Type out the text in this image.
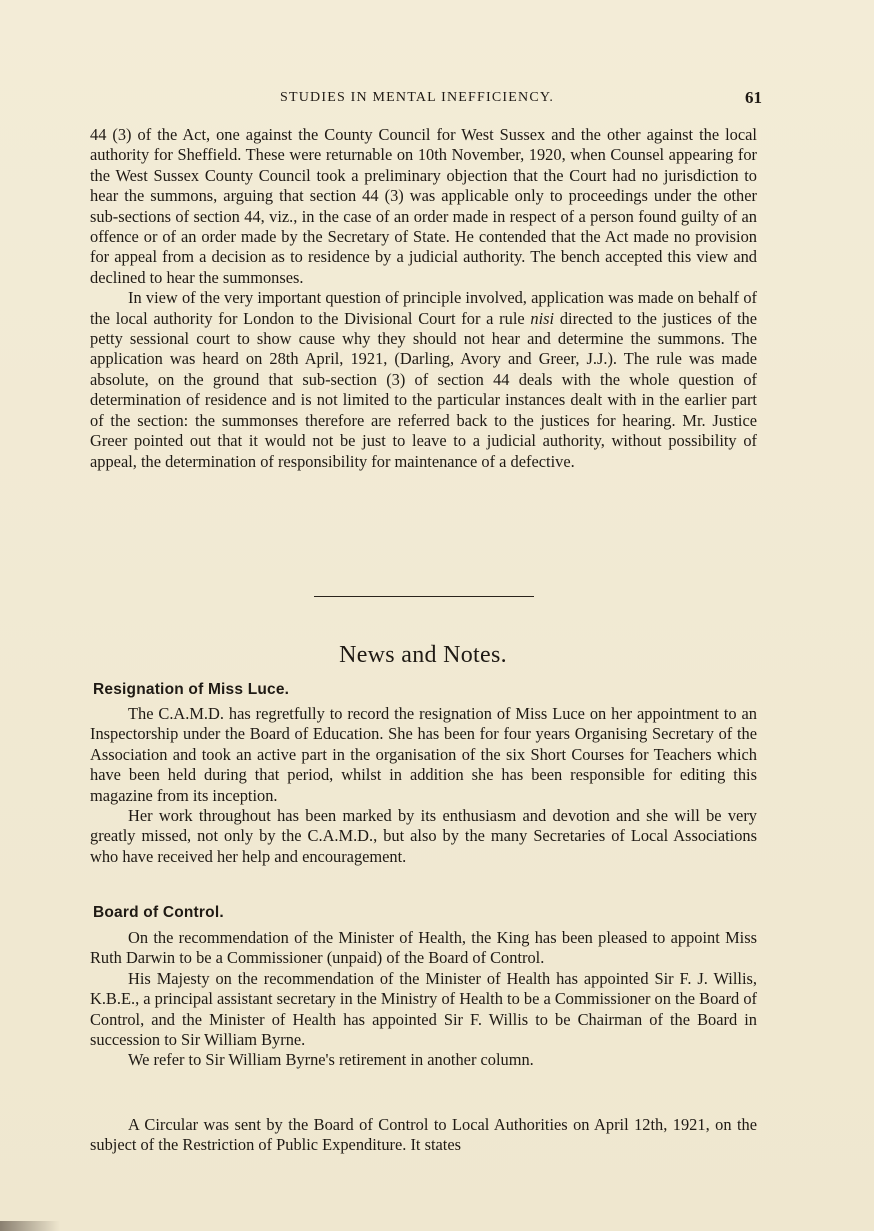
STUDIES IN MENTAL INEFFICIENCY.	61

44 (3) of the Act, one against the County Council for West Sussex and the other against the local authority for Sheffield. These were returnable on 10th November, 1920, when Counsel appearing for the West Sussex County Council took a preliminary objection that the Court had no jurisdiction to hear the summons, arguing that section 44 (3) was applicable only to proceedings under the other sub-sections of section 44, viz., in the case of an order made in respect of a person found guilty of an offence or of an order made by the Secretary of State. He contended that the Act made no provision for appeal from a decision as to residence by a judicial authority. The bench accepted this view and declined to hear the summonses.

In view of the very important question of principle involved, application was made on behalf of the local authority for London to the Divisional Court for a rule nisi directed to the justices of the petty sessional court to show cause why they should not hear and determine the summons. The application was heard on 28th April, 1921, (Darling, Avory and Greer, J.J.). The rule was made absolute, on the ground that sub-section (3) of section 44 deals with the whole question of determination of residence and is not limited to the particular instances dealt with in the earlier part of the section: the summonses therefore are referred back to the justices for hearing. Mr. Justice Greer pointed out that it would not be just to leave to a judicial authority, without possibility of appeal, the determination of responsibility for maintenance of a defective.

News and Notes.
Resignation of Miss Luce.

The C.A.M.D. has regretfully to record the resignation of Miss Luce on her appointment to an Inspectorship under the Board of Education. She has been for four years Organising Secretary of the Association and took an active part in the organisation of the six Short Courses for Teachers which have been held during that period, whilst in addition she has been responsible for editing this magazine from its inception.

Her work throughout has been marked by its enthusiasm and devotion and she will be very greatly missed, not only by the C.A.M.D., but also by the many Secretaries of Local Associations who have received her help and encouragement.

Board of Control.

On the recommendation of the Minister of Health, the King has been pleased to appoint Miss Ruth Darwin to be a Commissioner (unpaid) of the Board of Control.

His Majesty on the recommendation of the Minister of Health has appointed Sir F. J. Willis, K.B.E., a principal assistant secretary in the Ministry of Health to be a Commissioner on the Board of Control, and the Minister of Health has appointed Sir F. Willis to be Chairman of the Board in succession to Sir William Byrne.

We refer to Sir William Byrne's retirement in another column.

A Circular was sent by the Board of Control to Local Authorities on April 12th, 1921, on the subject of the Restriction of Public Expenditure. It states
